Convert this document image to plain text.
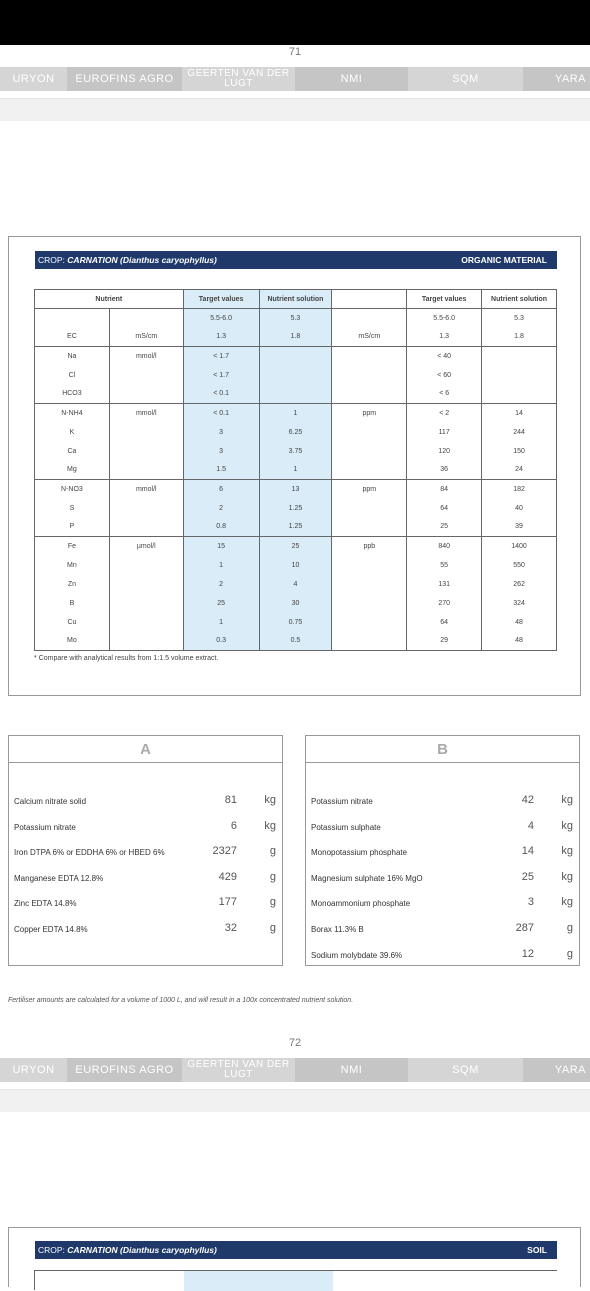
71
URYON	EUROFINS AGRO	GEERTEN VAN DER LUGT	NMI	SQM	YARA
CROP: CARNATION (Dianthus caryophyllus)	ORGANIC MATERIAL
Nutrient		Target values	Nutrient solution		Target values	Nutrient solution
		5.5-6.0	5.3		5.5-6.0	5.3
EC	mS/cm	1.3	1.8	mS/cm	1.3	1.8
Na	mmol/l	< 1.7			< 40	
Cl		< 1.7			< 60	
HCO3		< 0.1			< 6	
N-NH4	mmol/l	< 0.1	1	ppm	< 2	14
K		3	6.25		117	244
Ca		3	3.75		120	150
Mg		1.5	1		36	24
N-NO3	mmol/l	6	13	ppm	84	182
S		2	1.25		64	40
P		0.8	1.25		25	39
Fe	µmol/l	15	25	ppb	840	1400
Mn		1	10		55	550
Zn		2	4		131	262
B		25	30		270	324
Cu		1	0.75		64	48
Mo		0.3	0.5		29	48
* Compare with analytical results from 1:1.5 volume extract.
A
Calcium nitrate solid	81 kg
Potassium nitrate	6 kg
Iron DTPA 6% or EDDHA 6% or HBED 6%	2327	g
Manganese EDTA 12.8%	429	g
Zinc EDTA 14.8%	177	g
Copper EDTA 14.8%	32	g
B
Potassium nitrate	42 kg
Potassium sulphate	4 kg
Monopotassium phosphate	14 kg
Magnesium sulphate 16% MgO	25 kg
Monoammonium phosphate	3 kg
Borax 11.3% B	287	g
Sodium molybdate 39.6%	12	g
Fertiliser amounts are calculated for a volume of 1000 L, and will result in a 100x concentrated nutrient solution.
72
URYON	EUROFINS AGRO	GEERTEN VAN DER LUGT	NMI	SQM	YARA
CROP: CARNATION (Dianthus caryophyllus)	SOIL
